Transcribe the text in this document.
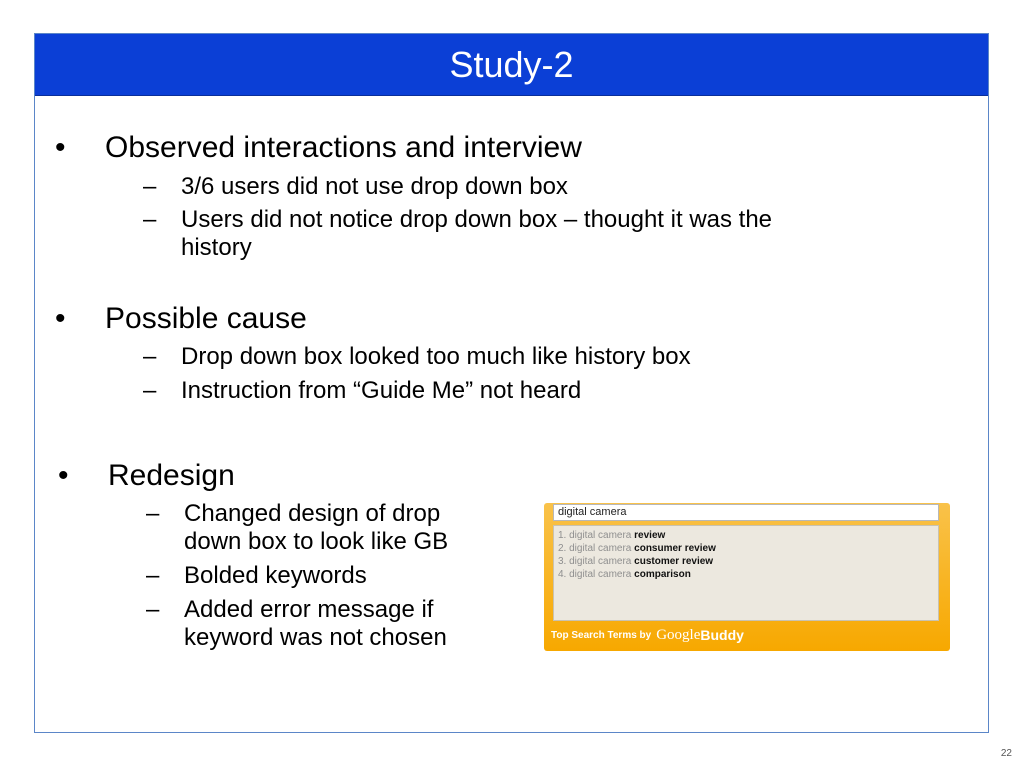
Study-2
• Observed interactions and interview
– 3/6 users did not use drop down box
– Users did not notice drop down box – thought it was the
history
• Possible cause
– Drop down box looked too much like history box
– Instruction from “Guide Me” not heard
• Redesign
– Changed design of drop
down box to look like GB
– Bolded keywords
– Added error message if
keyword was not chosen
digital camera
1. digital camera review
2. digital camera consumer review
3. digital camera customer review
4. digital camera comparison
Top Search Terms by Google Buddy
22
